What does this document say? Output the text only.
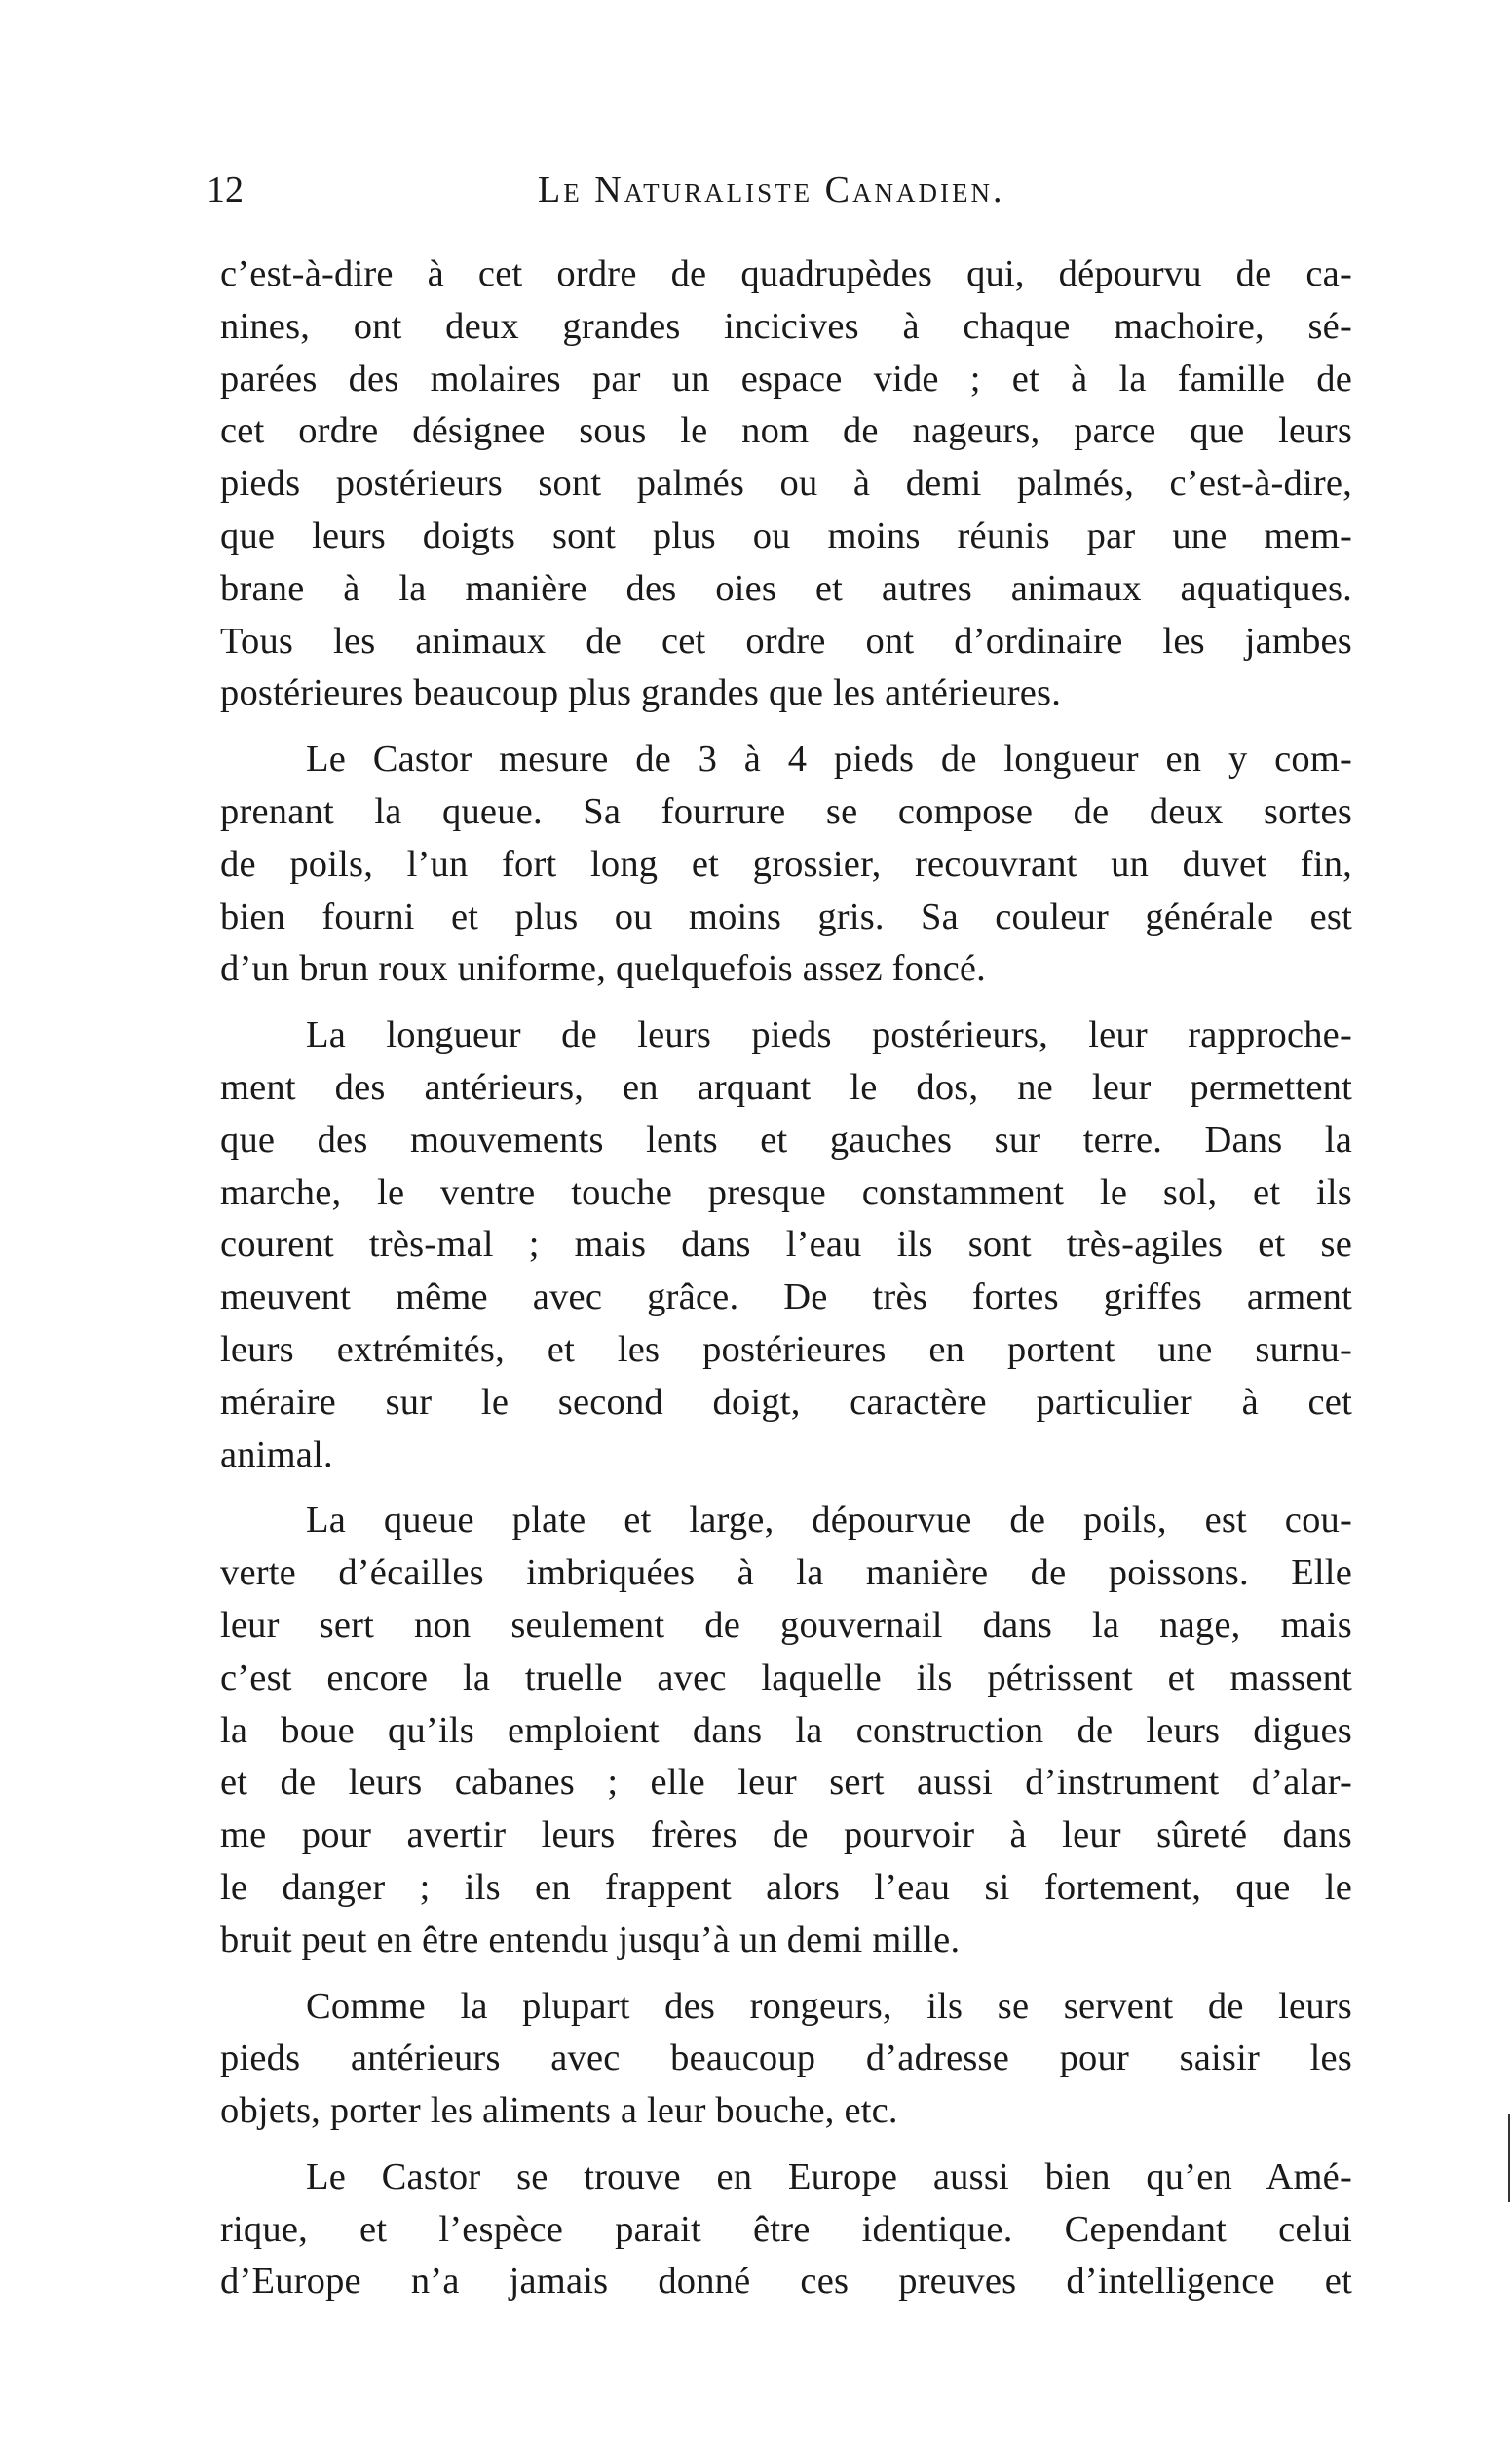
12	Le Naturaliste Canadien.

c’est-à-dire à cet ordre de quadrupèdes qui, dépourvu de ca-
nines, ont deux grandes incicives à chaque machoire, sé-
parées des molaires par un espace vide ; et à la famille de
cet ordre désignee sous le nom de nageurs, parce que leurs
pieds postérieurs sont palmés ou à demi palmés, c’est-à-dire,
que leurs doigts sont plus ou moins réunis par une mem-
brane à la manière des oies et autres animaux aquatiques.
Tous les animaux de cet ordre ont d’ordinaire les jambes
postérieures beaucoup plus grandes que les antérieures.

Le Castor mesure de 3 à 4 pieds de longueur en y com-
prenant la queue. Sa fourrure se compose de deux sortes
de poils, l’un fort long et grossier, recouvrant un duvet fin,
bien fourni et plus ou moins gris. Sa couleur générale est
d’un brun roux uniforme, quelquefois assez foncé.

La longueur de leurs pieds postérieurs, leur rapproche-
ment des antérieurs, en arquant le dos, ne leur permettent
que des mouvements lents et gauches sur terre. Dans la
marche, le ventre touche presque constamment le sol, et ils
courent très-mal ; mais dans l’eau ils sont très-agiles et se
meuvent même avec grâce. De très fortes griffes arment
leurs extrémités, et les postérieures en portent une surnu-
méraire sur le second doigt, caractère particulier à cet
animal.

La queue plate et large, dépourvue de poils, est cou-
verte d’écailles imbriquées à la manière de poissons. Elle
leur sert non seulement de gouvernail dans la nage, mais
c’est encore la truelle avec laquelle ils pétrissent et massent
la boue qu’ils emploient dans la construction de leurs digues
et de leurs cabanes ; elle leur sert aussi d’instrument d’alar-
me pour avertir leurs frères de pourvoir à leur sûreté dans
le danger ; ils en frappent alors l’eau si fortement, que le
bruit peut en être entendu jusqu’à un demi mille.

Comme la plupart des rongeurs, ils se servent de leurs
pieds antérieurs avec beaucoup d’adresse pour saisir les
objets, porter les aliments a leur bouche, etc.

Le Castor se trouve en Europe aussi bien qu’en Amé-
rique, et l’espèce parait être identique. Cependant celui
d’Europe n’a jamais donné ces preuves d’intelligence et
